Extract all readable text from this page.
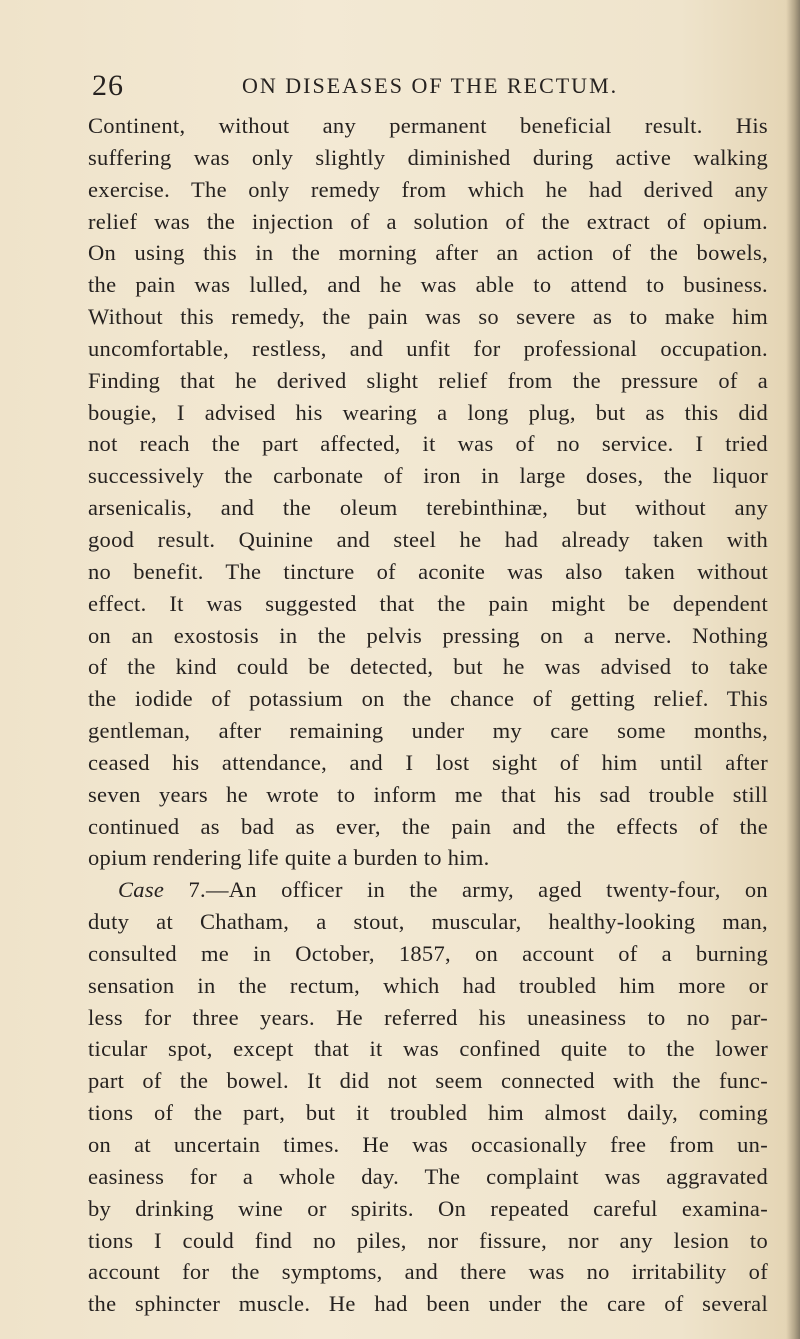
26	ON DISEASES OF THE RECTUM.
Continent, without any permanent beneficial result. His
suffering was only slightly diminished during active walking
exercise. The only remedy from which he had derived any
relief was the injection of a solution of the extract of opium.
On using this in the morning after an action of the bowels,
the pain was lulled, and he was able to attend to business.
Without this remedy, the pain was so severe as to make him
uncomfortable, restless, and unfit for professional occupation.
Finding that he derived slight relief from the pressure of a
bougie, I advised his wearing a long plug, but as this did
not reach the part affected, it was of no service. I tried
successively the carbonate of iron in large doses, the liquor
arsenicalis, and the oleum terebinthinæ, but without any
good result. Quinine and steel he had already taken with
no benefit. The tincture of aconite was also taken without
effect. It was suggested that the pain might be dependent
on an exostosis in the pelvis pressing on a nerve. Nothing
of the kind could be detected, but he was advised to take
the iodide of potassium on the chance of getting relief. This
gentleman, after remaining under my care some months,
ceased his attendance, and I lost sight of him until after
seven years he wrote to inform me that his sad trouble still
continued as bad as ever, the pain and the effects of the
opium rendering life quite a burden to him.
Case 7.—An officer in the army, aged twenty-four, on
duty at Chatham, a stout, muscular, healthy-looking man,
consulted me in October, 1857, on account of a burning
sensation in the rectum, which had troubled him more or
less for three years. He referred his uneasiness to no par-
ticular spot, except that it was confined quite to the lower
part of the bowel. It did not seem connected with the func-
tions of the part, but it troubled him almost daily, coming
on at uncertain times. He was occasionally free from un-
easiness for a whole day. The complaint was aggravated
by drinking wine or spirits. On repeated careful examina-
tions I could find no piles, nor fissure, nor any lesion to
account for the symptoms, and there was no irritability of
the sphincter muscle. He had been under the care of several
